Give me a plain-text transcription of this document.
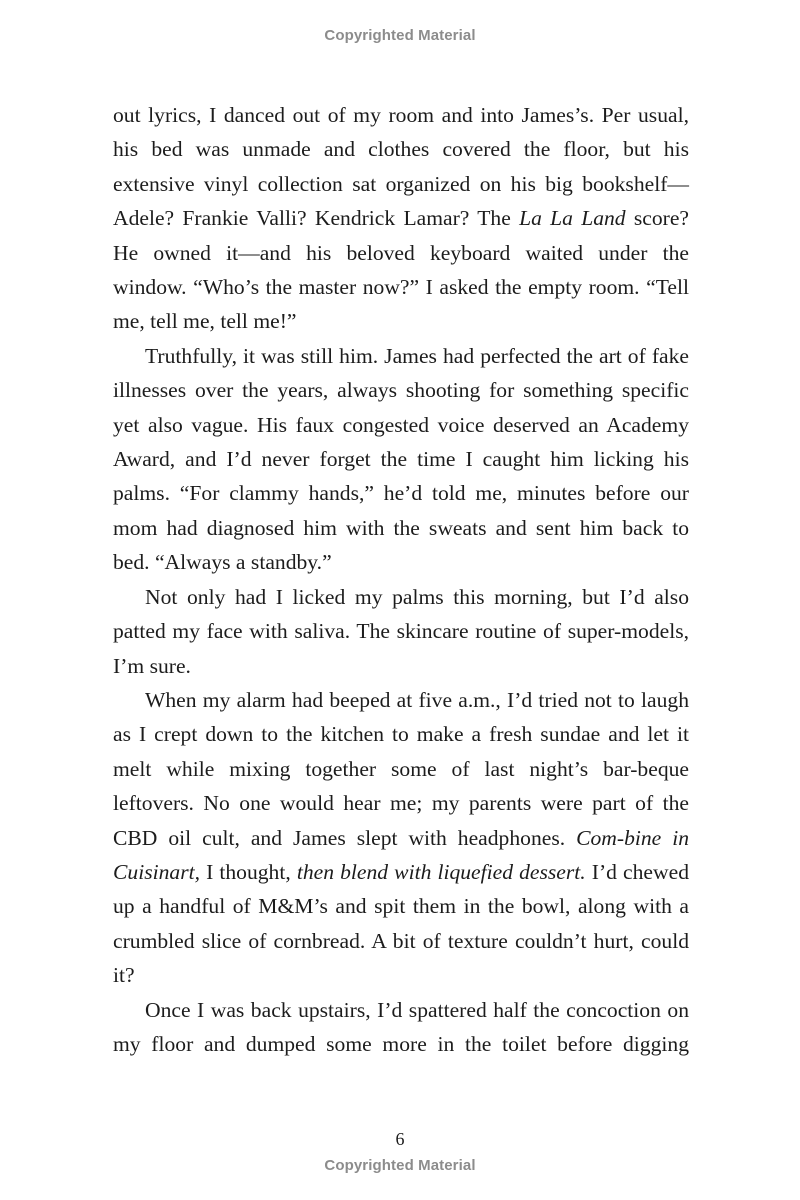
Copyrighted Material

out lyrics, I danced out of my room and into James’s. Per usual, his bed was unmade and clothes covered the floor, but his extensive vinyl collection sat organized on his big bookshelf—Adele? Frankie Valli? Kendrick Lamar? The La La Land score? He owned it—and his beloved keyboard waited under the window. “Who’s the master now?” I asked the empty room. “Tell me, tell me, tell me!”

Truthfully, it was still him. James had perfected the art of fake illnesses over the years, always shooting for something specific yet also vague. His faux congested voice deserved an Academy Award, and I’d never forget the time I caught him licking his palms. “For clammy hands,” he’d told me, minutes before our mom had diagnosed him with the sweats and sent him back to bed. “Always a standby.”

Not only had I licked my palms this morning, but I’d also patted my face with saliva. The skincare routine of super-models, I’m sure.

When my alarm had beeped at five a.m., I’d tried not to laugh as I crept down to the kitchen to make a fresh sundae and let it melt while mixing together some of last night’s bar-beque leftovers. No one would hear me; my parents were part of the CBD oil cult, and James slept with headphones. Com-bine in Cuisinart, I thought, then blend with liquefied dessert. I’d chewed up a handful of M&M’s and spit them in the bowl, along with a crumbled slice of cornbread. A bit of texture couldn’t hurt, could it?

Once I was back upstairs, I’d spattered half the concoction on my floor and dumped some more in the toilet before digging

6
Copyrighted Material
